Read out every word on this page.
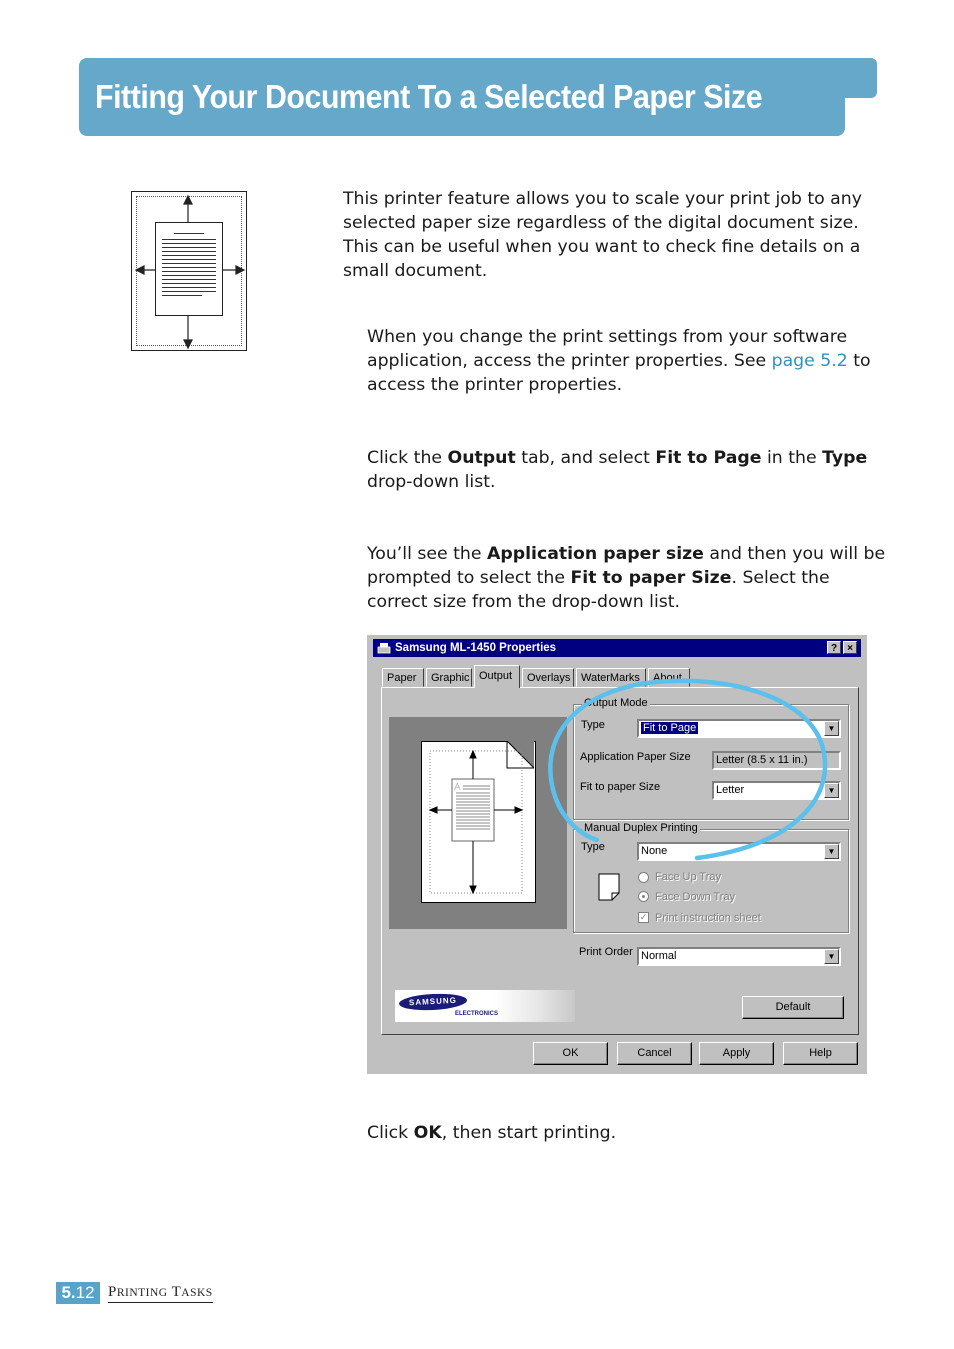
Fitting Your Document To a Selected Paper Size

This printer feature allows you to scale your print job to any selected paper size regardless of the digital document size. This can be useful when you want to check fine details on a small document.

When you change the print settings from your software application, access the printer properties. See page 5.2 to access the printer properties.

Click the Output tab, and select Fit to Page in the Type drop-down list.

You’ll see the Application paper size and then you will be prompted to select the Fit to paper Size. Select the correct size from the drop-down list.

Samsung ML-1450 Properties	?	×
Paper	Graphic Output	Overlays WaterMarks	About
A
Output Mode
Type	Fit to Page	▼
Application Paper Size	Letter (8.5 x 11 in.)
Fit to paper Size	Letter	▼
Manual Duplex Printing
Type	None	▼
Face Up Tray
Face Down Tray
✓ Print instruction sheet
Print Order Normal	▼
SAMSUNG
ELECTRONICS
Default
OK	Cancel	Apply	Help

Click OK, then start printing.

5.12 PRINTING TASKS
